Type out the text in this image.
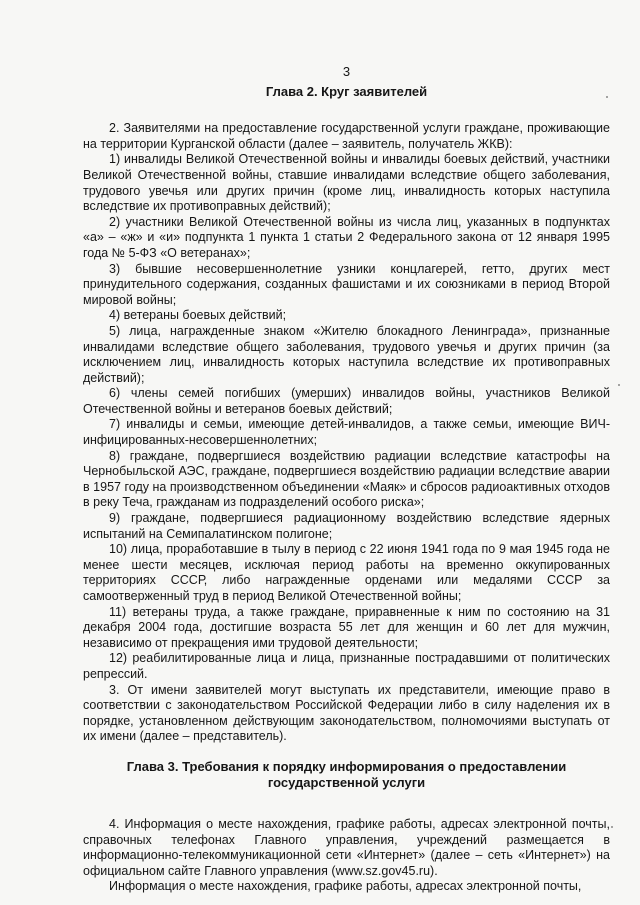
3
Глава 2. Круг заявителей

2. Заявителями на предоставление государственной услуги граждане, проживающие на территории Курганской области (далее – заявитель, получатель ЖКВ):

1) инвалиды Великой Отечественной войны и инвалиды боевых действий, участники Великой Отечественной войны, ставшие инвалидами вследствие общего заболевания, трудового увечья или других причин (кроме лиц, инвалидность которых наступила вследствие их противоправных действий);

2) участники Великой Отечественной войны из числа лиц, указанных в подпунктах «а» – «ж» и «и» подпункта 1 пункта 1 статьи 2 Федерального закона от 12 января 1995 года № 5-ФЗ «О ветеранах»;

3) бывшие несовершеннолетние узники концлагерей, гетто, других мест принудительного содержания, созданных фашистами и их союзниками в период Второй мировой войны;

4) ветераны боевых действий;

5) лица, награжденные знаком «Жителю блокадного Ленинграда», признанные инвалидами вследствие общего заболевания, трудового увечья и других причин (за исключением лиц, инвалидность которых наступила вследствие их противоправных действий);

6) члены семей погибших (умерших) инвалидов войны, участников Великой Отечественной войны и ветеранов боевых действий;

7) инвалиды и семьи, имеющие детей-инвалидов, а также семьи, имеющие ВИЧ-инфицированных-несовершеннолетних;

8) граждане, подвергшиеся воздействию радиации вследствие катастрофы на Чернобыльской АЭС, граждане, подвергшиеся воздействию радиации вследствие аварии в 1957 году на производственном объединении «Маяк» и сбросов радиоактивных отходов в реку Теча, гражданам из подразделений особого риска»;

9) граждане, подвергшиеся радиационному воздействию вследствие ядерных испытаний на Семипалатинском полигоне;

10) лица, проработавшие в тылу в период с 22 июня 1941 года по 9 мая 1945 года не менее шести месяцев, исключая период работы на временно оккупированных территориях СССР, либо награжденные орденами или медалями СССР за самоотверженный труд в период Великой Отечественной войны;

11) ветераны труда, а также граждане, приравненные к ним по состоянию на 31 декабря 2004 года, достигшие возраста 55 лет для женщин и 60 лет для мужчин, независимо от прекращения ими трудовой деятельности;

12) реабилитированные лица и лица, признанные пострадавшими от политических репрессий.

3. От имени заявителей могут выступать их представители, имеющие право в соответствии с законодательством Российской Федерации либо в силу наделения их в порядке, установленном действующим законодательством, полномочиями выступать от их имени (далее – представитель).

Глава 3. Требования к порядку информирования о предоставлении
государственной услуги

4. Информация о месте нахождения, графике работы, адресах электронной почты, справочных телефонах Главного управления, учреждений размещается в информационно-телекоммуникационной сети «Интернет» (далее – сеть «Интернет») на официальном сайте Главного управления (www.sz.gov45.ru).

Информация о месте нахождения, графике работы, адресах электронной почты,
